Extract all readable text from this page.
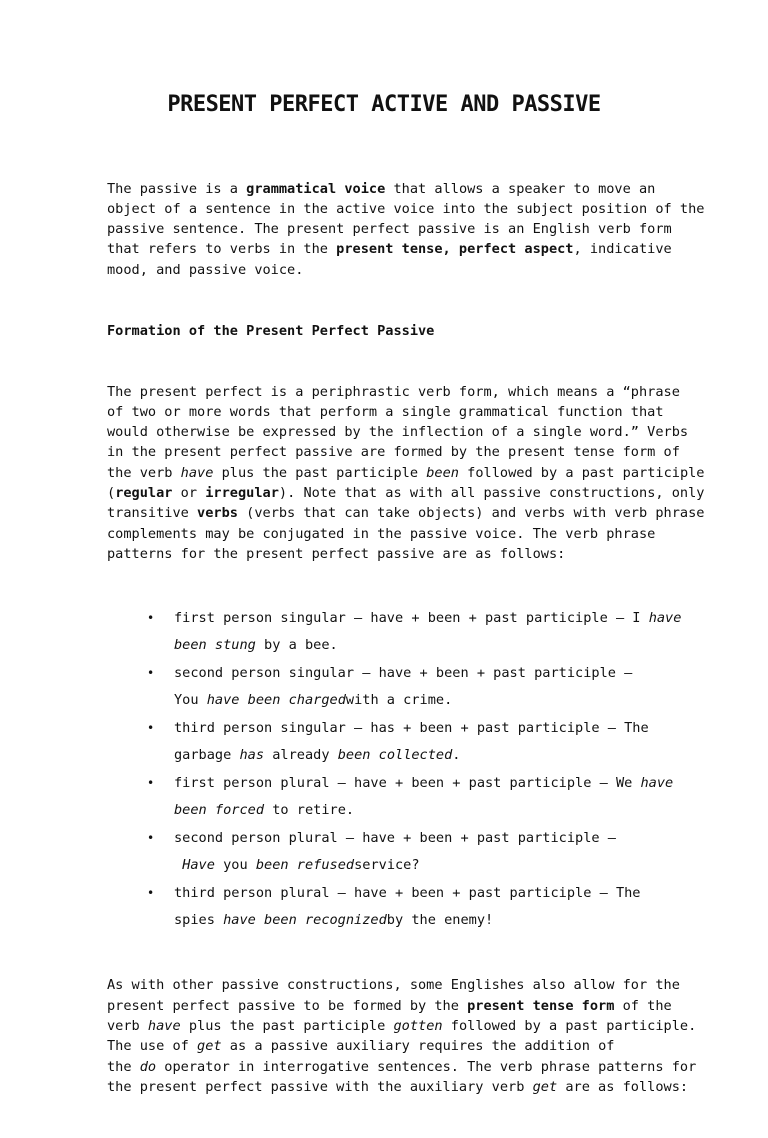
PRESENT PERFECT ACTIVE AND PASSIVE

The passive is a grammatical voice that allows a speaker to move an
object of a sentence in the active voice into the subject position of the
passive sentence. The present perfect passive is an English verb form
that refers to verbs in the present tense, perfect aspect, indicative
mood, and passive voice.

Formation of the Present Perfect Passive

The present perfect is a periphrastic verb form, which means a “phrase
of two or more words that perform a single grammatical function that
would otherwise be expressed by the inflection of a single word.” Verbs
in the present perfect passive are formed by the present tense form of
the verb have plus the past participle been followed by a past participle
(regular or irregular). Note that as with all passive constructions, only
transitive verbs (verbs that can take objects) and verbs with verb phrase
complements may be conjugated in the passive voice. The verb phrase
patterns for the present perfect passive are as follows:

• first person singular – have + been + past participle – I have
been stung by a bee.
• second person singular – have + been + past participle –
You have been chargedwith a crime.
• third person singular – has + been + past participle – The
garbage has already been collected.
• first person plural – have + been + past participle – We have
been forced to retire.
• second person plural – have + been + past participle –
Have you been refusedservice?
• third person plural – have + been + past participle – The
spies have been recognizedby the enemy!

As with other passive constructions, some Englishes also allow for the
present perfect passive to be formed by the present tense form of the
verb have plus the past participle gotten followed by a past participle.
The use of get as a passive auxiliary requires the addition of
the do operator in interrogative sentences. The verb phrase patterns for
the present perfect passive with the auxiliary verb get are as follows:
